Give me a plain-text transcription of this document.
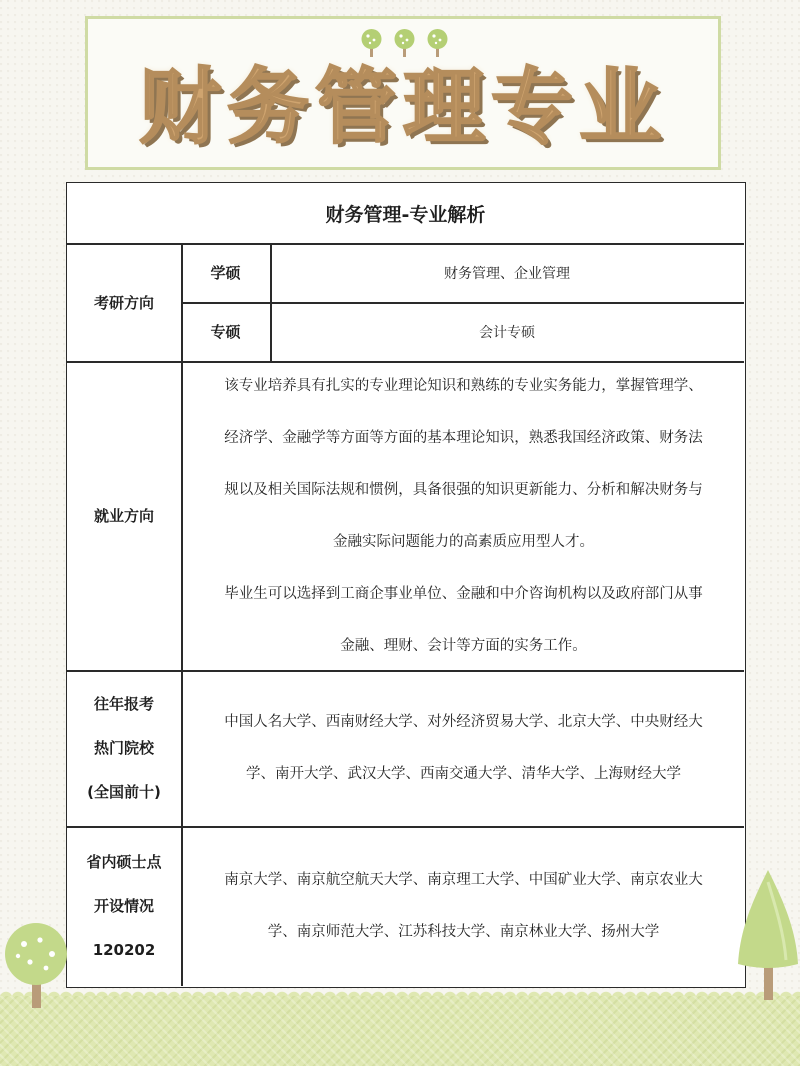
财务管理专业
财务管理-专业解析
考研方向
学硕	财务管理、企业管理
专硕	会计专硕
就业方向
该专业培养具有扎实的专业理论知识和熟练的专业实务能力，掌握管理学、
经济学、金融学等方面等方面的基本理论知识，熟悉我国经济政策、财务法
规以及相关国际法规和惯例，具备很强的知识更新能力、分析和解决财务与
金融实际问题能力的高素质应用型人才。
毕业生可以选择到工商企事业单位、金融和中介咨询机构以及政府部门从事
金融、理财、会计等方面的实务工作。
往年报考
热门院校
(全国前十)
中国人名大学、西南财经大学、对外经济贸易大学、北京大学、中央财经大
学、南开大学、武汉大学、西南交通大学、清华大学、上海财经大学
省内硕士点
开设情况
120202
南京大学、南京航空航天大学、南京理工大学、中国矿业大学、南京农业大
学、南京师范大学、江苏科技大学、南京林业大学、扬州大学
